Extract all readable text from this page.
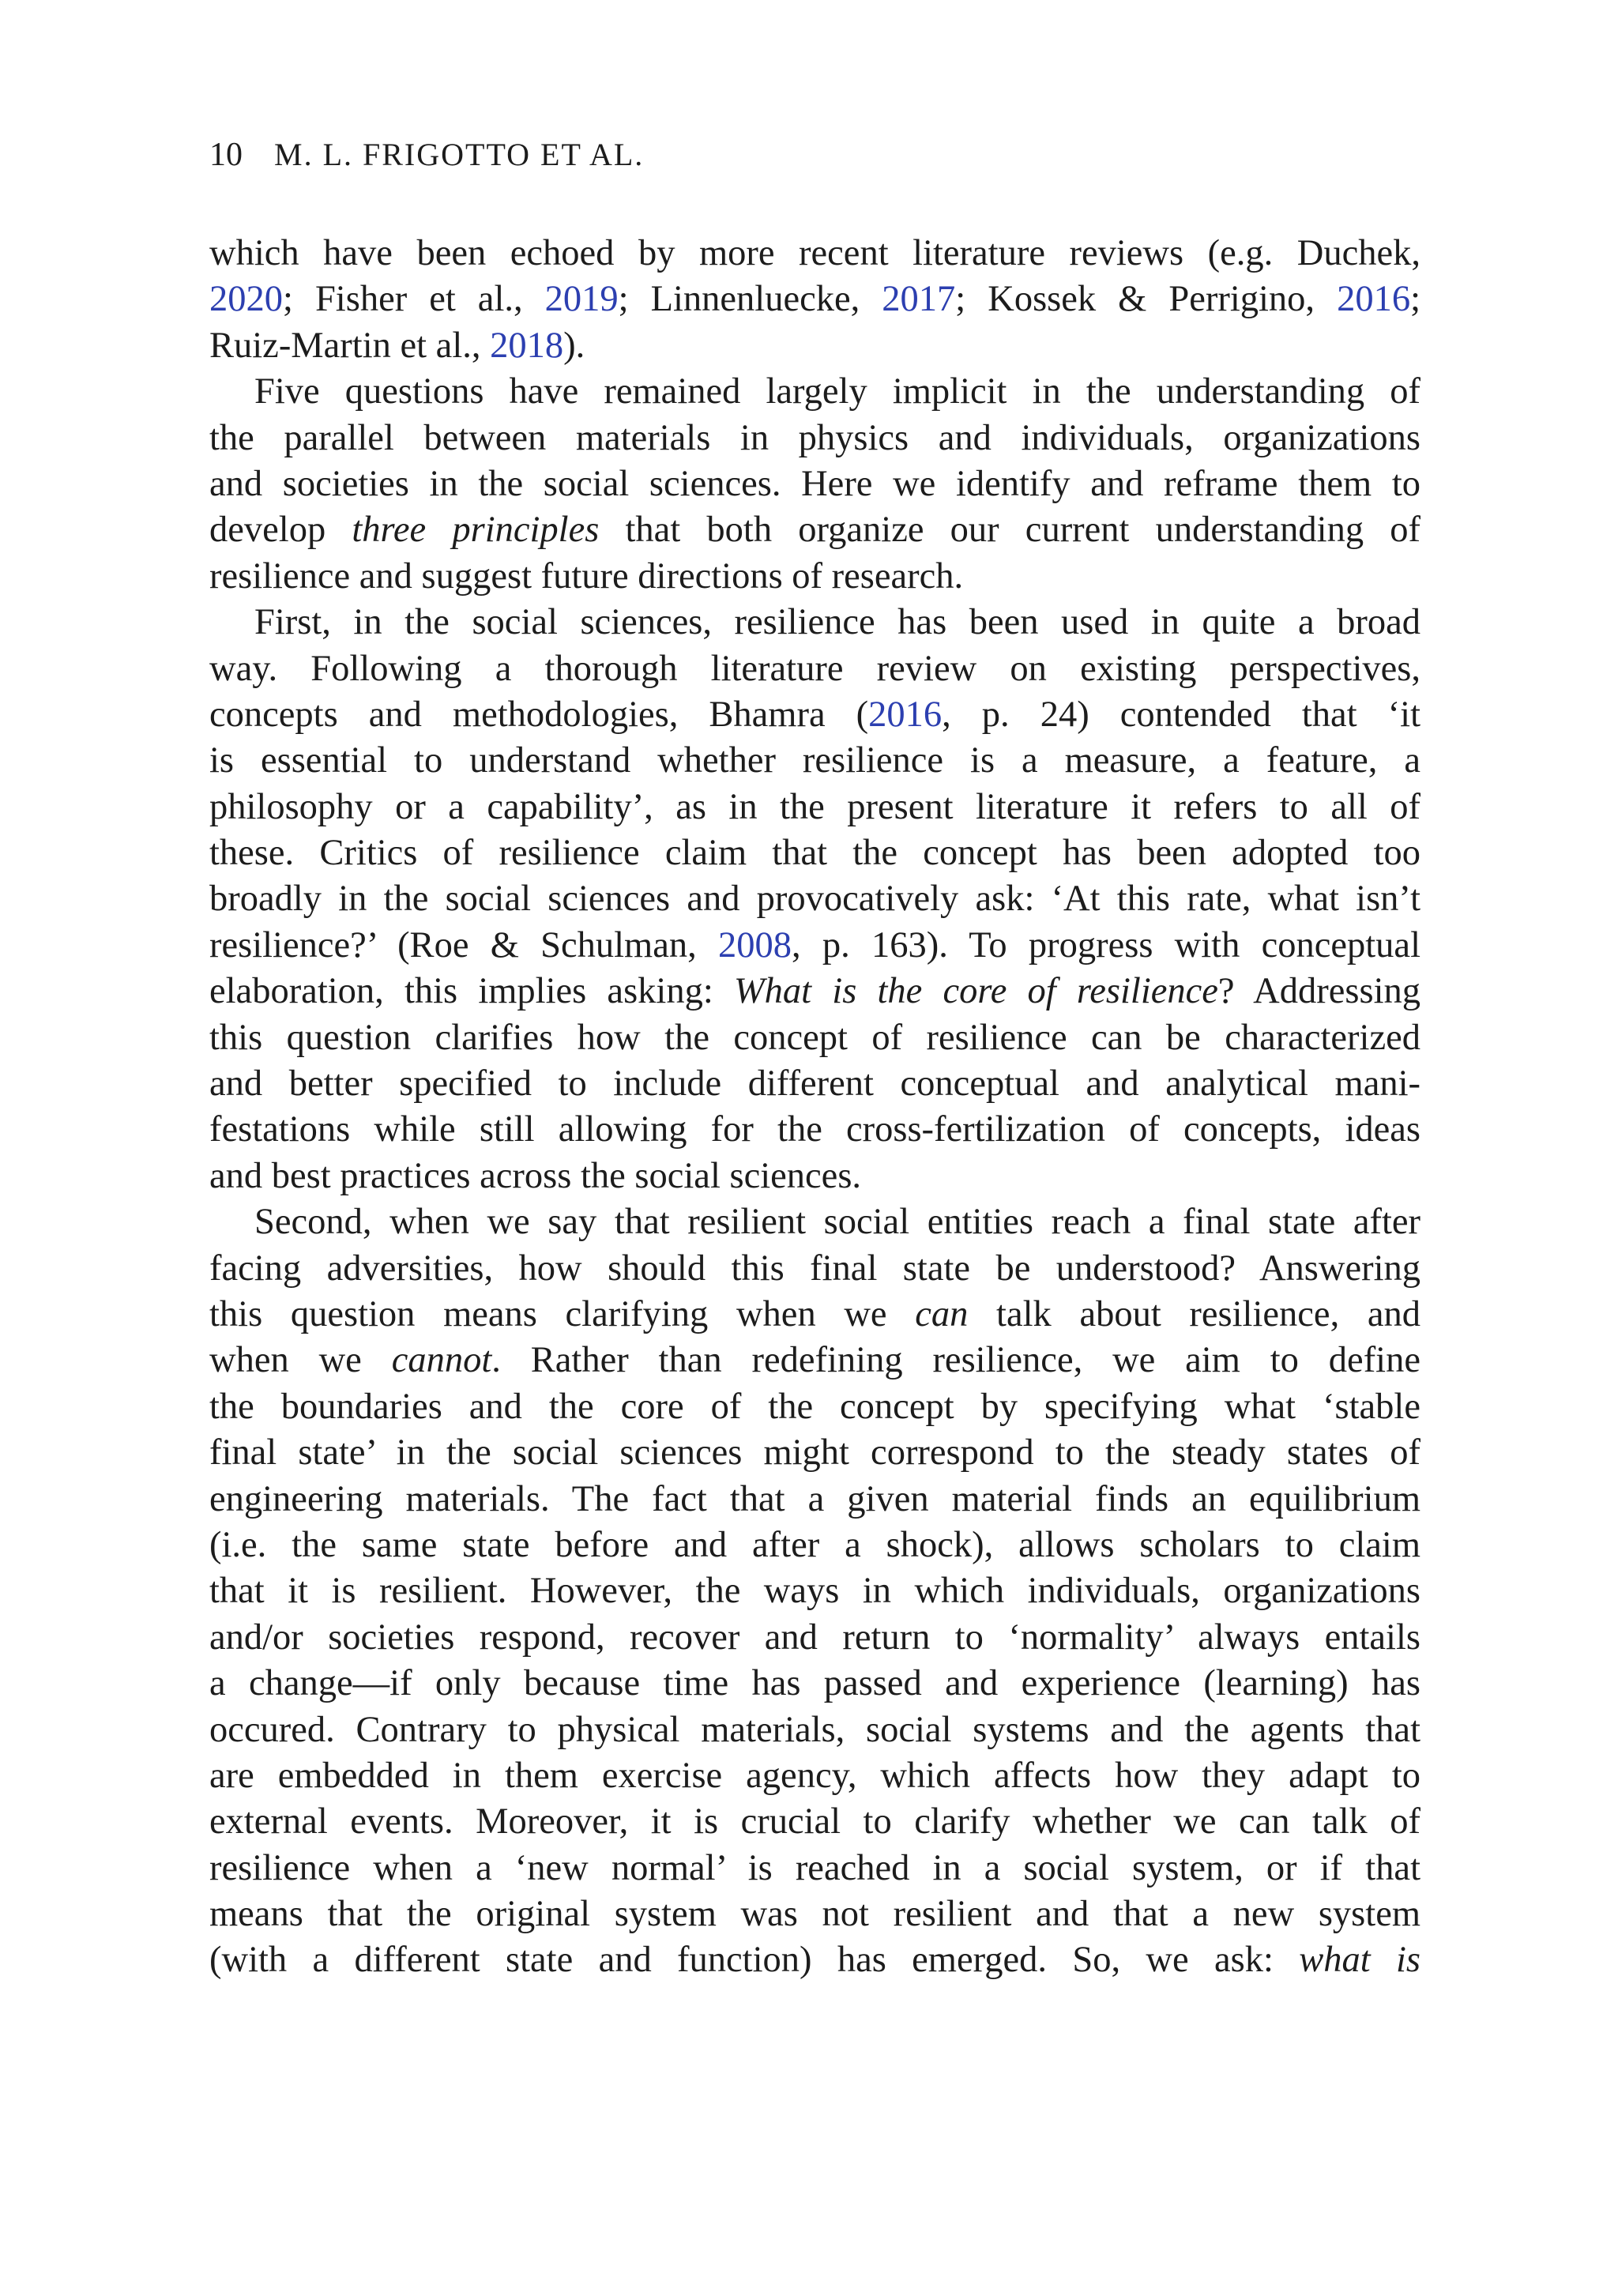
10 M. L. FRIGOTTO ET AL.
which have been echoed by more recent literature reviews (e.g. Duchek,
2020; Fisher et al., 2019; Linnenluecke, 2017; Kossek & Perrigino, 2016;
Ruiz-Martin et al., 2018).
Five questions have remained largely implicit in the understanding of
the parallel between materials in physics and individuals, organizations
and societies in the social sciences. Here we identify and reframe them to
develop three principles that both organize our current understanding of
resilience and suggest future directions of research.
First, in the social sciences, resilience has been used in quite a broad
way. Following a thorough literature review on existing perspectives,
concepts and methodologies, Bhamra (2016, p. 24) contended that ‘it
is essential to understand whether resilience is a measure, a feature, a
philosophy or a capability’, as in the present literature it refers to all of
these. Critics of resilience claim that the concept has been adopted too
broadly in the social sciences and provocatively ask: ‘At this rate, what isn’t
resilience?’ (Roe & Schulman, 2008, p. 163). To progress with conceptual
elaboration, this implies asking: What is the core of resilience? Addressing
this question clarifies how the concept of resilience can be characterized
and better specified to include different conceptual and analytical mani-
festations while still allowing for the cross-fertilization of concepts, ideas
and best practices across the social sciences.
Second, when we say that resilient social entities reach a final state after
facing adversities, how should this final state be understood? Answering
this question means clarifying when we can talk about resilience, and
when we cannot. Rather than redefining resilience, we aim to define
the boundaries and the core of the concept by specifying what ‘stable
final state’ in the social sciences might correspond to the steady states of
engineering materials. The fact that a given material finds an equilibrium
(i.e. the same state before and after a shock), allows scholars to claim
that it is resilient. However, the ways in which individuals, organizations
and/or societies respond, recover and return to ‘normality’ always entails
a change—if only because time has passed and experience (learning) has
occured. Contrary to physical materials, social systems and the agents that
are embedded in them exercise agency, which affects how they adapt to
external events. Moreover, it is crucial to clarify whether we can talk of
resilience when a ‘new normal’ is reached in a social system, or if that
means that the original system was not resilient and that a new system
(with a different state and function) has emerged. So, we ask: what is
